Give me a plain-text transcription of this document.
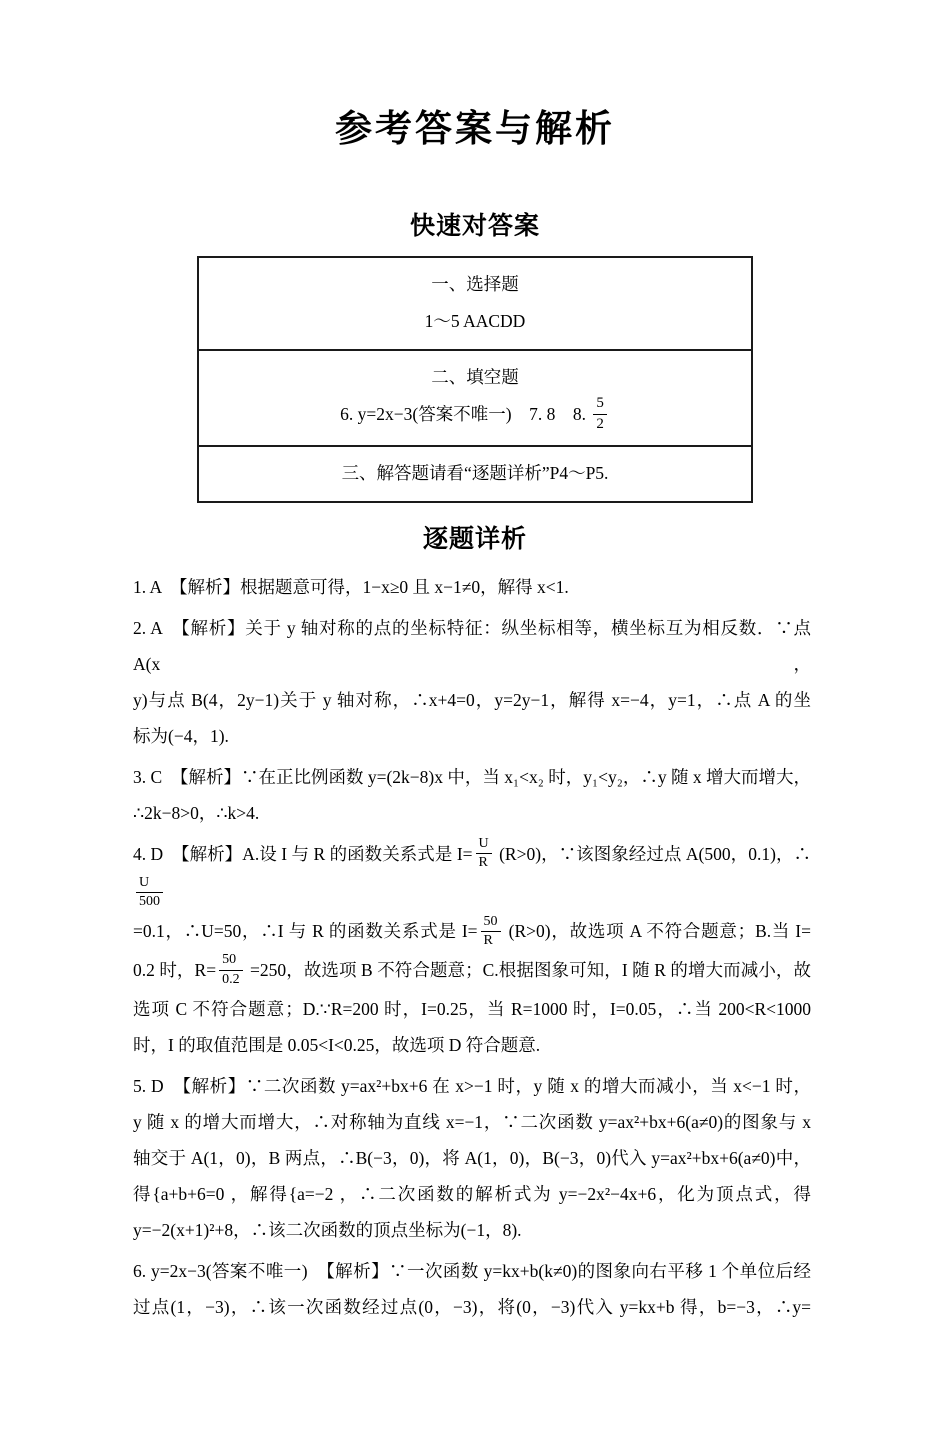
参考答案与解析
快速对答案
一、选择题
1～5 AACDD
二、填空题
6. y=2x−3(答案不唯一)　7. 8　8. $\frac{5}{2}$
三、解答题请看“逐题详析”P4～P5.
逐题详析
1. A　【解析】根据题意可得，1−x≥0 且 x−1≠0，解得 x<1.
2. A　【解析】关于 y 轴对称的点的坐标特征：纵坐标相等，横坐标互为相反数．∵点 A(x，
y)与点 B(4，2y−1)关于 y 轴对称，∴x+4=0，y=2y−1，解得 x=−4，y=1，∴点 A 的坐
标为(−4，1).
3. C　【解析】∵在正比例函数 y=(2k−8)x 中，当 x₁<x₂ 时，y₁<y₂，∴y 随 x 增大而增大，
∴2k−8>0，∴k>4.
4. D　【解析】A.设 I 与 R 的函数关系式是 $I= \frac{U}{R} (R>0)$，∵该图象经过点 A(500，0.1)，∴
$\frac{U}{500}$
=0.1，∴U=50，∴I 与 R 的函数关系式是 $I= \frac{50}{R} (R>0)$，故选项 A 不符合题意；B.当 I=
0.2 时，$R= \frac{50}{0.2} =250$，故选项 B 不符合题意；C.根据图象可知，I 随 R 的增大而减小，故
选项 C 不符合题意；D.∵R=200 时，I=0.25，当 R=1000 时，I=0.05，∴当 200<R<1000
时，I 的取值范围是 0.05<I<0.25，故选项 D 符合题意.
5. D　【解析】∵二次函数 y=ax²+bx+6 在 x>−1 时，y 随 x 的增大而减小，当 x<−1 时，
y 随 x 的增大而增大，∴对称轴为直线 x=−1，∵二次函数 y=ax²+bx+6(a≠0)的图象与 x
轴交于 A(1，0)，B 两点，∴B(−3，0)，将 A(1，0)，B(−3，0)代入 y=ax²+bx+6(a≠0)中，
得{a+b+6=0 ，解得{a=−2 ，∴二次函数的解析式为 y=−2x²−4x+6，化为顶点式，得
y=−2(x+1)²+8，∴该二次函数的顶点坐标为(−1，8).
6. y=2x−3(答案不唯一)　【解析】∵一次函数 y=kx+b(k≠0)的图象向右平移 1 个单位后经
过点(1，−3)，∴该一次函数经过点(0，−3)，将(0，−3)代入 y=kx+b 得，b=−3，∴y=
